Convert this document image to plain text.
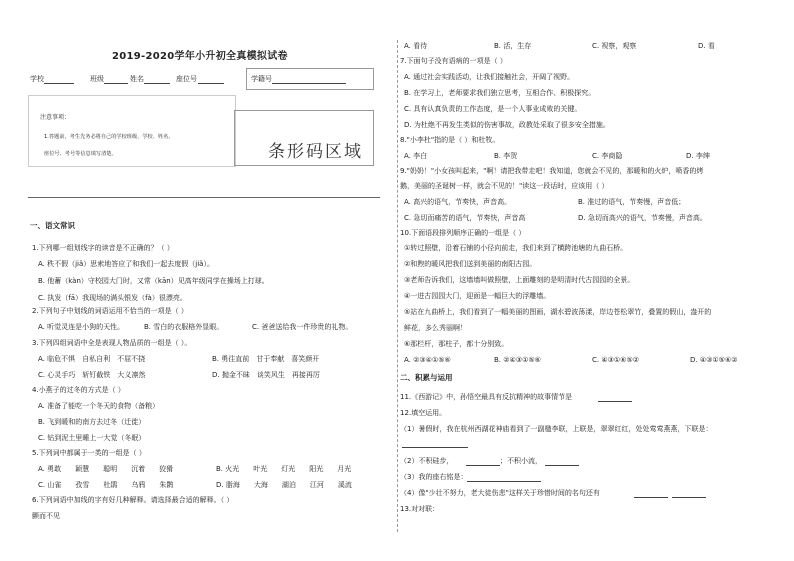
2019-2020学年小升初全真模拟试卷
学校	班级	姓名	座位号	学籍号
注意事项：
1.答题前，考生先务必将自己的学校班级、学校、姓名、
座位号、考号等信息填写清楚。	条形码区域
一、语文常识
1.下列哪一组划线字的读音是不正确的？（ ）
A. 秩不假（jiǎ）思索地答应了和我们一起去度假（jiǎ）。
B. 他蓄（kàn）守校园大门时，又常（kān）见高年级同学在操场上打球。
C. 执发（fā）我现场的满头银发（fà）很漂亮。
2.下列句子中划线的词语运用不恰当的一项是（ ）
A. 听觉灵连是小狗的天性。	B. 雪白的衣服格外显眼。	C. 爸爸送给我一件珍贵的礼物。
3.下列四组词语中全是表现人物品质的一组是（ ）。
A. 临危不惧　自私自利　不屈不挠	B. 勇往直前　甘于奉献　喜笑颜开
C. 心灵手巧　斩钉截铁　大义凛然	D. 抛金不昧　谈笑风生　再接再厉
4.小燕子的过冬的方式是（ ）
A. 准备了能吃一个冬天的食物（备粮）
B. 飞到暖和的南方去过冬（迁徙）
C. 钻到泥土里睡上一大觉（冬眠）
5.下列词中都属于一类的一组是（ ）
A. 勇敢　　颖慧　　聪明　　沉着　　狡猾	B. 火光　　叶光　　灯光　　阳光　　月光
C. 山雀　　孜雪　　杜鹃　　乌鸦　　朱鹮	D. 脂海　　大海　　湖泊　　江河　　溪流
6.下列词语中加线的字有好几种解释。请选择最合适的解释。（ ）
颤而不见
A. 看待	B. 活，生存	C. 视察，观察	D. 看
7.下面句子没有语病的一项是（ ）
A. 通过社会实践活动，让我们接触社会，开阔了视野。
B. 在学习上，老师要求我们独立思考，互相合作、积极探究。
C. 具有认真负责的工作态度，是一个人事业成败的关键。
D. 为杜绝不再发生类似的伤害事故，政教处采取了很多安全措施。
8."小李杜"指的是（ ）和杜牧。
A. 李白	B. 李贺	C. 李商隐	D. 李绅
9."奶奶！"小女孩叫起来，"啊！请把我带走吧！我知道，您就会不见的，那暖和的火炉，喷香的烤
鹅，美丽的圣诞树一样，就会不见的！"读这一段话时，应该用（ ）
A. 高兴的语气，节奏快，声音高。	B. 准过的语气，节奏慢，声音低；
C. 急切而痛苦的语气，节奏快，声音高	D. 急切而高兴的语气，节奏慢，声音高。
10.下面语段排列顺序正确的一组是（ ）
①转过照壁，沿着石铺的小径向前走，我们来到了横跨池塘的九曲石桥。
②和煦的暖风把我们送到美丽的南阳古园。
③老师告诉我们，这墙墙叫做照壁，上面雕刻的是明清时代古园园的全景。
④一进古园园大门，迎面是一幅巨大的浮雕墙。
⑤站在九曲桥上，我们看到了一幅美丽的图画，湖水碧波荡漾，岸边苍松翠竹，叠置的假山，盎开的
鲜花，多么秀丽啊！
⑥那栏杆，那柱子，都十分别致。
A. ②③④①⑤⑥	B. ②④③①⑤⑥	C. ④③①⑥⑤②	D. ④③①⑤⑥②
二、积累与运用
11.《西游记》中，孙悟空最具有反抗精神的故事情节是
12.填空运用。
（1）暑假时，我在杭州西湖花神庙看到了一副楹李联，上联是，翠翠红红，处处莺莺燕燕，下联是：
（2）不积硅步，	；不积小流，
（3）我的座右铭是：
（4）像"少壮不努力，老大徒伤悲"这样关于珍惜时间的名句还有
13.对对联：
